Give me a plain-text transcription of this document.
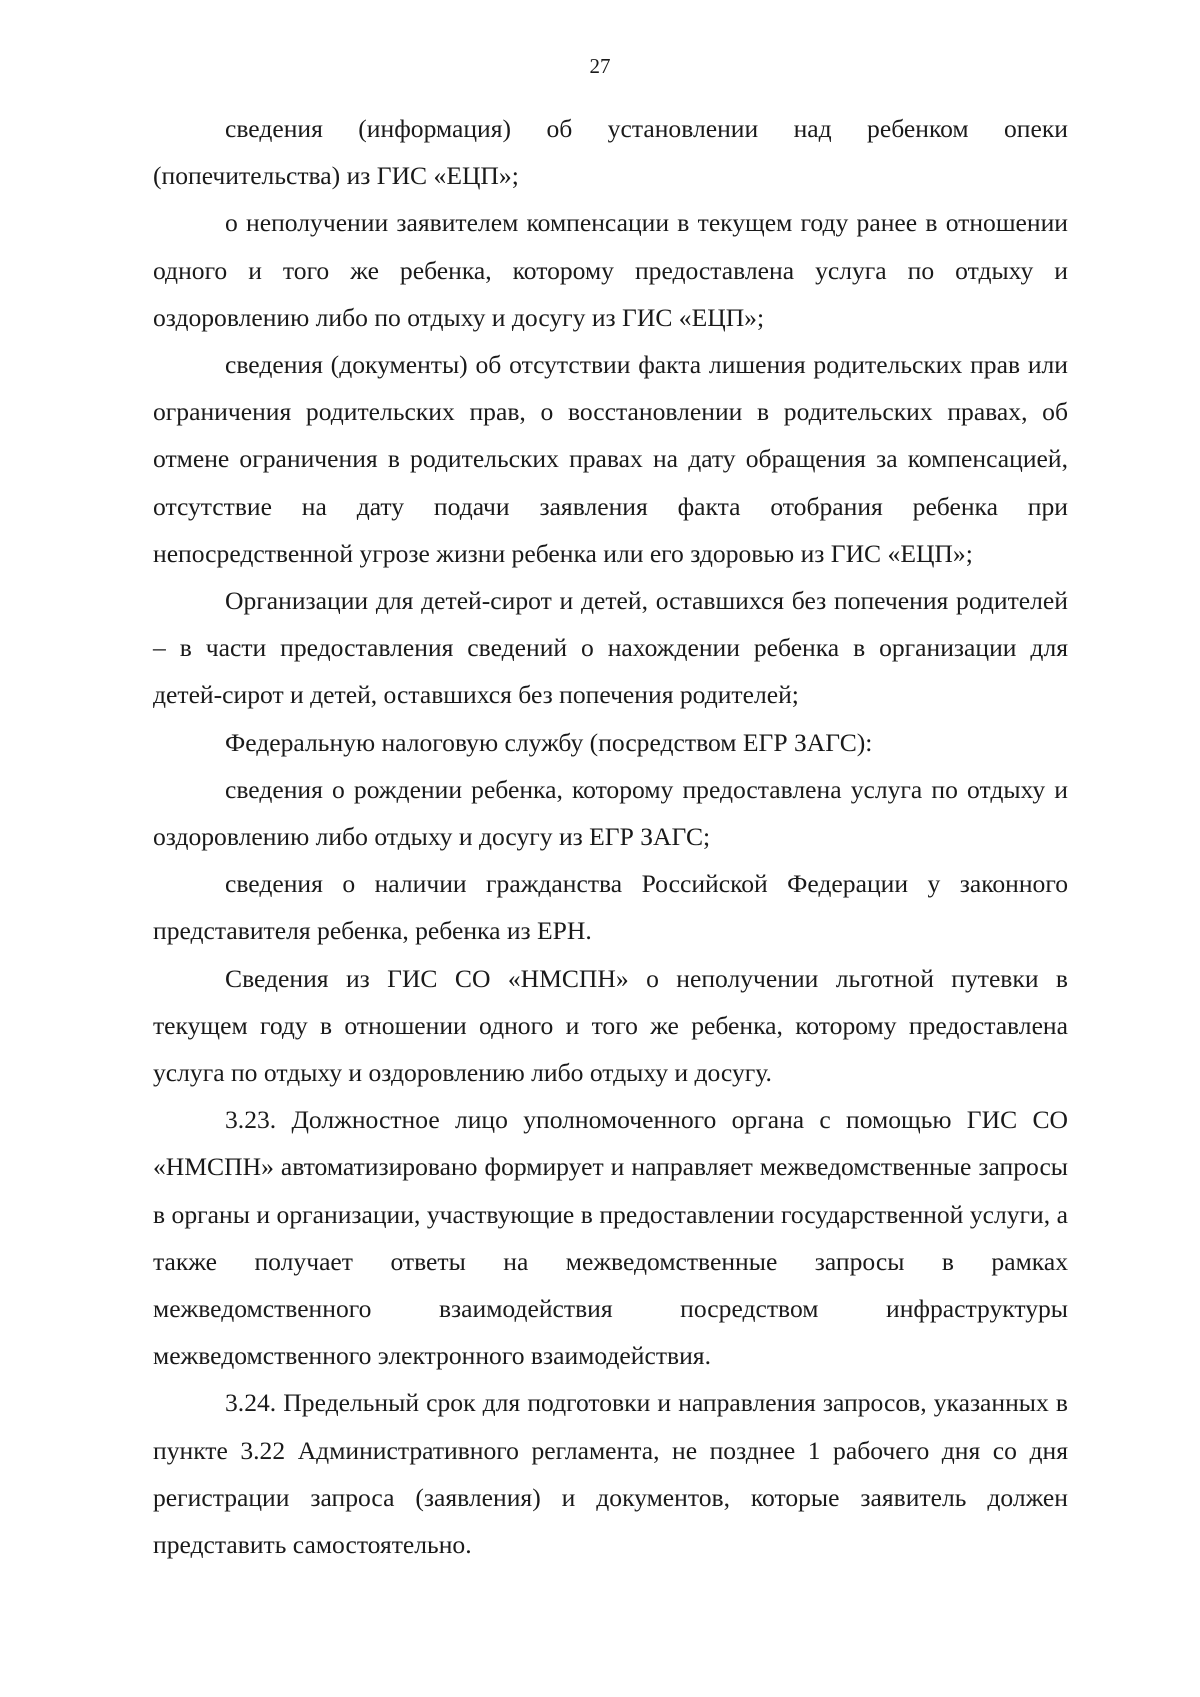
27

сведения (информация) об установлении над ребенком опеки (попечительства) из ГИС «ЕЦП»;

о неполучении заявителем компенсации в текущем году ранее в отношении одного и того же ребенка, которому предоставлена услуга по отдыху и оздоровлению либо по отдыху и досугу из ГИС «ЕЦП»;

сведения (документы) об отсутствии факта лишения родительских прав или ограничения родительских прав, о восстановлении в родительских правах, об отмене ограничения в родительских правах на дату обращения за компенсацией, отсутствие на дату подачи заявления факта отобрания ребенка при непосредственной угрозе жизни ребенка или его здоровью из ГИС «ЕЦП»;

Организации для детей-сирот и детей, оставшихся без попечения родителей – в части предоставления сведений о нахождении ребенка в организации для детей-сирот и детей, оставшихся без попечения родителей;

Федеральную налоговую службу (посредством ЕГР ЗАГС):

сведения о рождении ребенка, которому предоставлена услуга по отдыху и оздоровлению либо отдыху и досугу из ЕГР ЗАГС;

сведения о наличии гражданства Российской Федерации у законного представителя ребенка, ребенка из ЕРН.

Сведения из ГИС СО «НМСПН» о неполучении льготной путевки в текущем году в отношении одного и того же ребенка, которому предоставлена услуга по отдыху и оздоровлению либо отдыху и досугу.

3.23. Должностное лицо уполномоченного органа с помощью ГИС СО «НМСПН» автоматизировано формирует и направляет межведомственные запросы в органы и организации, участвующие в предоставлении государственной услуги, а также получает ответы на межведомственные запросы в рамках межведомственного взаимодействия посредством инфраструктуры межведомственного электронного взаимодействия.

3.24. Предельный срок для подготовки и направления запросов, указанных в пункте 3.22 Административного регламента, не позднее 1 рабочего дня со дня регистрации запроса (заявления) и документов, которые заявитель должен представить самостоятельно.
